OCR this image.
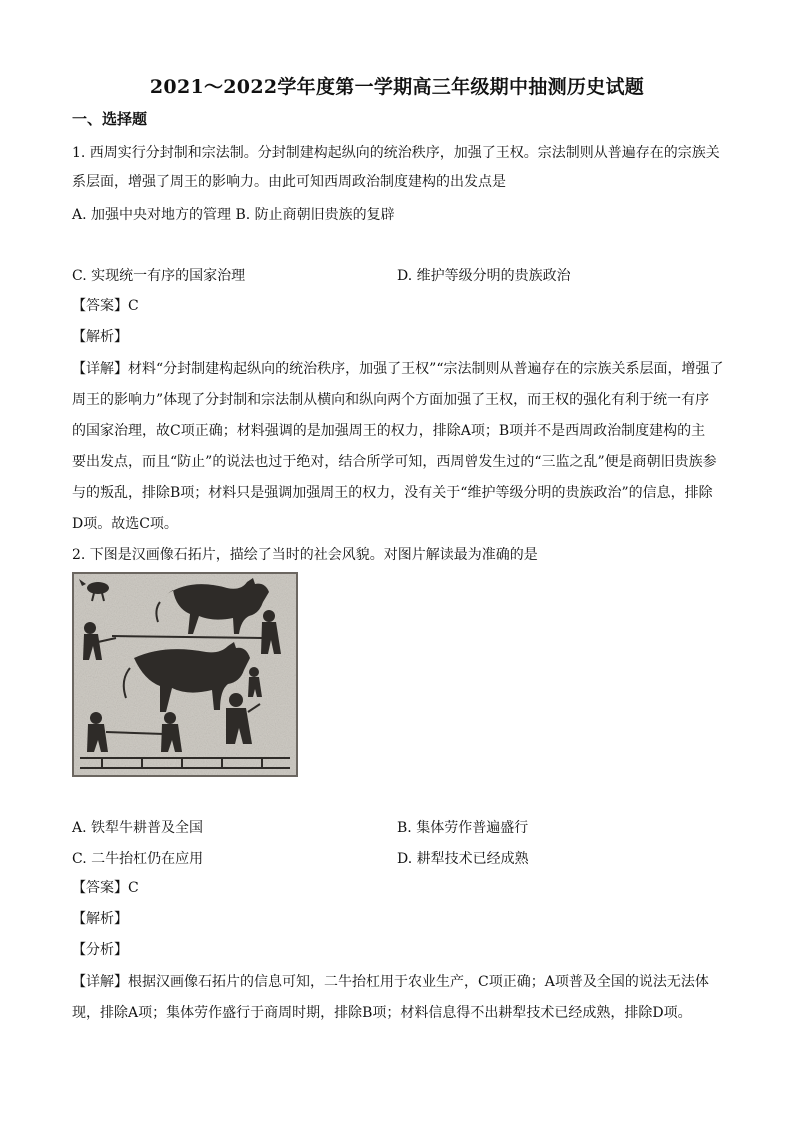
2021～2022学年度第一学期高三年级期中抽测历史试题
一、选择题
1. 西周实行分封制和宗法制。分封制建构起纵向的统治秩序，加强了王权。宗法制则从普遍存在的宗族关
系层面，增强了周王的影响力。由此可知西周政治制度建构的出发点是
A. 加强中央对地方的管理 B. 防止商朝旧贵族的复辟
C. 实现统一有序的国家治理	D. 维护等级分明的贵族政治
【答案】C
【解析】
【详解】材料“分封制建构起纵向的统治秩序，加强了王权”“宗法制则从普遍存在的宗族关系层面，增强了
周王的影响力”体现了分封制和宗法制从横向和纵向两个方面加强了王权，而王权的强化有利于统一有序
的国家治理，故C项正确；材料强调的是加强周王的权力，排除A项；B项并不是西周政治制度建构的主
要出发点，而且“防止”的说法也过于绝对，结合所学可知，西周曾发生过的“三监之乱”便是商朝旧贵族参
与的叛乱，排除B项；材料只是强调加强周王的权力，没有关于“维护等级分明的贵族政治”的信息，排除
D项。故选C项。
2. 下图是汉画像石拓片，描绘了当时的社会风貌。对图片解读最为准确的是
A. 铁犁牛耕普及全国	B. 集体劳作普遍盛行
C. 二牛抬杠仍在应用	D. 耕犁技术已经成熟
【答案】C
【解析】
【分析】
【详解】根据汉画像石拓片的信息可知，二牛抬杠用于农业生产，C项正确；A项普及全国的说法无法体
现，排除A项；集体劳作盛行于商周时期，排除B项；材料信息得不出耕犁技术已经成熟，排除D项。
